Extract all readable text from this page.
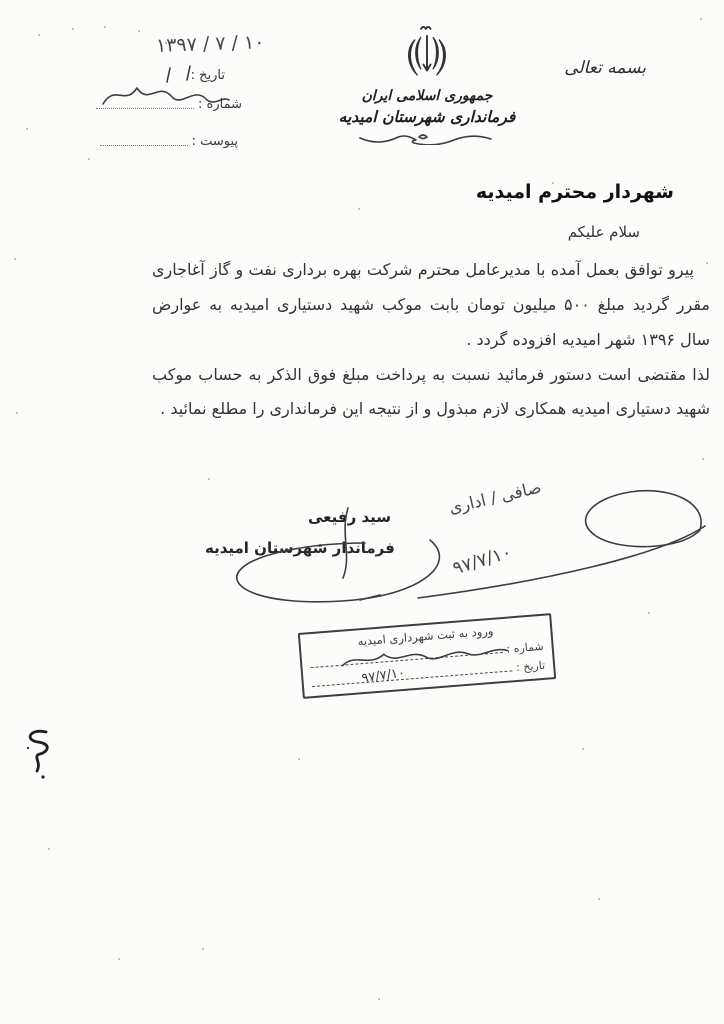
۱۳۹۷ / ۷ / ۱۰
تاریخ :
شماره :
پیوست :
جمهوری اسلامی ایران
فرمانداری شهرستان امیدیه
بسمه تعالی
شهردار محترم امیدیه
سلام علیکم

پیرو توافق بعمل آمده با مدیرعامل محترم شرکت بهره برداری نفت و گاز آغاجاری مقرر گردید مبلغ ۵۰۰ میلیون تومان بابت موکب شهید دستیاری امیدیه به عوارض سال ۱۳۹۶ شهر امیدیه افزوده گردد .

لذا مقتضی است دستور فرمائید نسبت به پرداخت مبلغ فوق الذکر به حساب موکب شهید دستیاری امیدیه همکاری لازم مبذول و از نتیجه این فرمانداری را مطلع نمائید .

سید رفیعی
فرماندار شهرستان امیدیه
صافی / اداری
۹۷/۷/۱۰
ورود به ثبت شهرداری امیدیه	شماره :
تاریخ :
۹۷/۷/۱۰
